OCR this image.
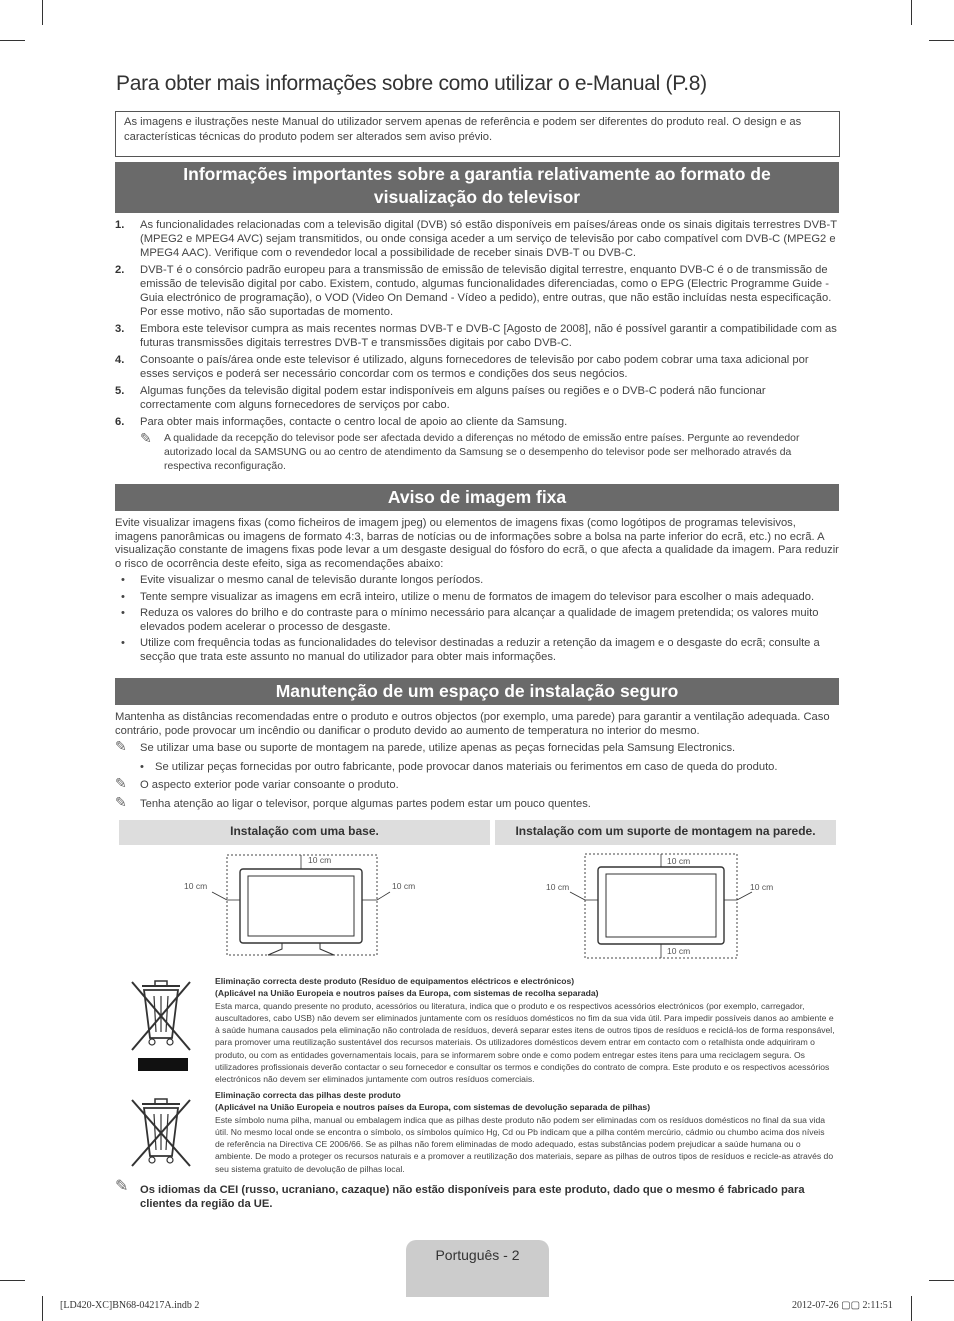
Para obter mais informações sobre como utilizar o e-Manual (P.8)
As imagens e ilustrações neste Manual do utilizador servem apenas de referência e podem ser diferentes do produto real. O design e as características técnicas do produto podem ser alterados sem aviso prévio.
Informações importantes sobre a garantia relativamente ao formato de
visualização do televisor
1. As funcionalidades relacionadas com a televisão digital (DVB) só estão disponíveis em países/áreas onde os sinais digitais terrestres DVB-T (MPEG2 e MPEG4 AVC) sejam transmitidos, ou onde consiga aceder a um serviço de televisão por cabo compatível com DVB-C (MPEG2 e MPEG4 AAC). Verifique com o revendedor local a possibilidade de receber sinais DVB-T ou DVB-C.
2. DVB-T é o consórcio padrão europeu para a transmissão de emissão de televisão digital terrestre, enquanto DVB-C é o de transmissão de emissão de televisão digital por cabo. Existem, contudo, algumas funcionalidades diferenciadas, como o EPG (Electric Programme Guide - Guia electrónico de programação), o VOD (Video On Demand - Vídeo a pedido), entre outras, que não estão incluídas nesta especificação. Por esse motivo, não são suportadas de momento.
3. Embora este televisor cumpra as mais recentes normas DVB-T e DVB-C [Agosto de 2008], não é possível garantir a compatibilidade com as futuras transmissões digitais terrestres DVB-T e transmissões digitais por cabo DVB-C.
4. Consoante o país/área onde este televisor é utilizado, alguns fornecedores de televisão por cabo podem cobrar uma taxa adicional por esses serviços e poderá ser necessário concordar com os termos e condições dos seus negócios.
5. Algumas funções da televisão digital podem estar indisponíveis em alguns países ou regiões e o DVB-C poderá não funcionar correctamente com alguns fornecedores de serviços por cabo.
6. Para obter mais informações, contacte o centro local de apoio ao cliente da Samsung.
✎ A qualidade da recepção do televisor pode ser afectada devido a diferenças no método de emissão entre países. Pergunte ao revendedor autorizado local da SAMSUNG ou ao centro de atendimento da Samsung se o desempenho do televisor pode ser melhorado através da respectiva reconfiguração.
Aviso de imagem fixa
Evite visualizar imagens fixas (como ficheiros de imagem jpeg) ou elementos de imagens fixas (como logótipos de programas televisivos, imagens panorâmicas ou imagens de formato 4:3, barras de notícias ou de informações sobre a bolsa na parte inferior do ecrã, etc.) no ecrã. A visualização constante de imagens fixas pode levar a um desgaste desigual do fósforo do ecrã, o que afecta a qualidade da imagem. Para reduzir o risco de ocorrência deste efeito, siga as recomendações abaixo:
• Evite visualizar o mesmo canal de televisão durante longos períodos.
• Tente sempre visualizar as imagens em ecrã inteiro, utilize o menu de formatos de imagem do televisor para escolher o mais adequado.
• Reduza os valores do brilho e do contraste para o mínimo necessário para alcançar a qualidade de imagem pretendida; os valores muito elevados podem acelerar o processo de desgaste.
• Utilize com frequência todas as funcionalidades do televisor destinadas a reduzir a retenção da imagem e o desgaste do ecrã; consulte a secção que trata este assunto no manual do utilizador para obter mais informações.
Manutenção de um espaço de instalação seguro
Mantenha as distâncias recomendadas entre o produto e outros objectos (por exemplo, uma parede) para garantir a ventilação adequada. Caso contrário, pode provocar um incêndio ou danificar o produto devido ao aumento de temperatura no interior do mesmo.
✎ Se utilizar uma base ou suporte de montagem na parede, utilize apenas as peças fornecidas pela Samsung Electronics.
• Se utilizar peças fornecidas por outro fabricante, pode provocar danos materiais ou ferimentos em caso de queda do produto.
✎ O aspecto exterior pode variar consoante o produto.
✎ Tenha atenção ao ligar o televisor, porque algumas partes podem estar um pouco quentes.
Instalação com uma base.	Instalação com um suporte de montagem na parede.
10 cm
10 cm	10 cm
10 cm
10 cm
10 cm	10 cm
Eliminação correcta deste produto (Resíduo de equipamentos eléctricos e electrónicos)
(Aplicável na União Europeia e noutros países da Europa, com sistemas de recolha separada)
Esta marca, quando presente no produto, acessórios ou literatura, indica que o produto e os respectivos acessórios electrónicos (por exemplo, carregador, auscultadores, cabo USB) não devem ser eliminados juntamente com os resíduos domésticos no fim da sua vida útil. Para impedir possíveis danos ao ambiente e à saúde humana causados pela eliminação não controlada de resíduos, deverá separar estes itens de outros tipos de resíduos e reciclá-los de forma responsável, para promover uma reutilização sustentável dos recursos materiais. Os utilizadores domésticos devem entrar em contacto com o retalhista onde adquiriram o produto, ou com as entidades governamentais locais, para se informarem sobre onde e como podem entregar estes itens para uma reciclagem segura. Os utilizadores profissionais deverão contactar o seu fornecedor e consultar os termos e condições do contrato de compra. Este produto e os respectivos acessórios electrónicos não devem ser eliminados juntamente com outros resíduos comerciais.
Eliminação correcta das pilhas deste produto
(Aplicável na União Europeia e noutros países da Europa, com sistemas de devolução separada de pilhas)
Este símbolo numa pilha, manual ou embalagem indica que as pilhas deste produto não podem ser eliminadas com os resíduos domésticos no final da sua vida útil. No mesmo local onde se encontra o símbolo, os símbolos químico Hg, Cd ou Pb indicam que a pilha contém mercúrio, cádmio ou chumbo acima dos níveis de referência na Directiva CE 2006/66. Se as pilhas não forem eliminadas de modo adequado, estas substâncias podem prejudicar a saúde humana ou o ambiente. De modo a proteger os recursos naturais e a promover a reutilização dos materiais, separe as pilhas de outros tipos de resíduos e recicle-as através do seu sistema gratuito de devolução de pilhas local.
✎ Os idiomas da CEI (russo, ucraniano, cazaque) não estão disponíveis para este produto, dado que o mesmo é fabricado para clientes da região da UE.
Português - 2
[LD420-XC]BN68-04217A.indb 2	2012-07-26 ▢▢ 2:11:51
